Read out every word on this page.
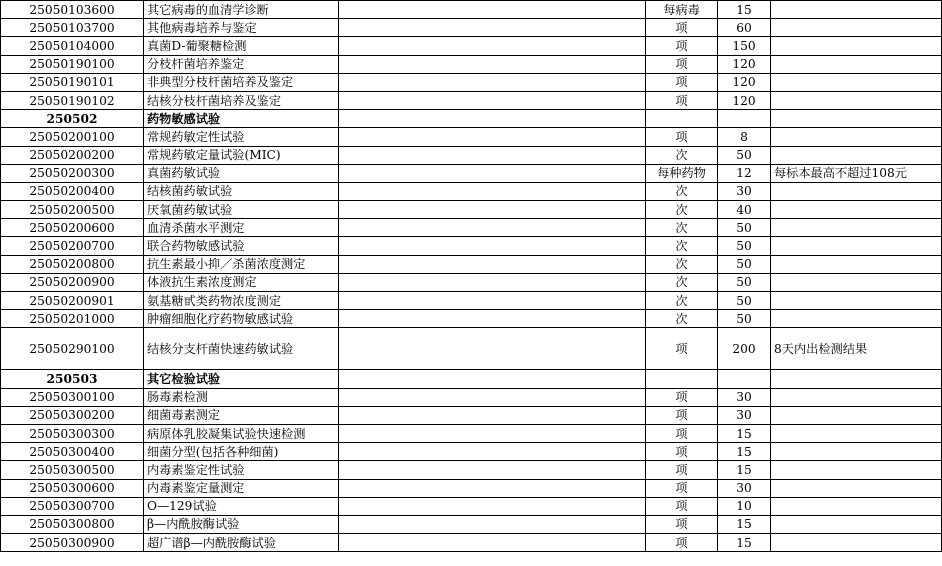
25050103600	其它病毒的血清学诊断		每病毒	15	
25050103700	其他病毒培养与鉴定		项	60	
25050104000	真菌D-葡聚糖检测		项	150	
25050190100	分枝杆菌培养鉴定		项	120	
25050190101	非典型分枝杆菌培养及鉴定		项	120	
25050190102	结核分枝杆菌培养及鉴定		项	120	
250502	药物敏感试验				
25050200100	常规药敏定性试验		项	8	
25050200200	常规药敏定量试验(MIC)		次	50	
25050200300	真菌药敏试验		每种药物	12	每标本最高不超过108元
25050200400	结核菌药敏试验		次	30	
25050200500	厌氧菌药敏试验		次	40	
25050200600	血清杀菌水平测定		次	50	
25050200700	联合药物敏感试验		次	50	
25050200800	抗生素最小抑／杀菌浓度测定		次	50	
25050200900	体液抗生素浓度测定		次	50	
25050200901	氨基糖甙类药物浓度测定		次	50	
25050201000	肿瘤细胞化疗药物敏感试验		次	50	
25050290100	结核分支杆菌快速药敏试验		项	200	8天内出检测结果
250503	其它检验试验				
25050300100	肠毒素检测		项	30	
25050300200	细菌毒素测定		项	30	
25050300300	病原体乳胶凝集试验快速检测		项	15	
25050300400	细菌分型(包括各种细菌)		项	15	
25050300500	内毒素鉴定性试验		项	15	
25050300600	内毒素鉴定量测定		项	30	
25050300700	O—129试验		项	10	
25050300800	β—内酰胺酶试验		项	15	
25050300900	超广谱β—内酰胺酶试验		项	15	
